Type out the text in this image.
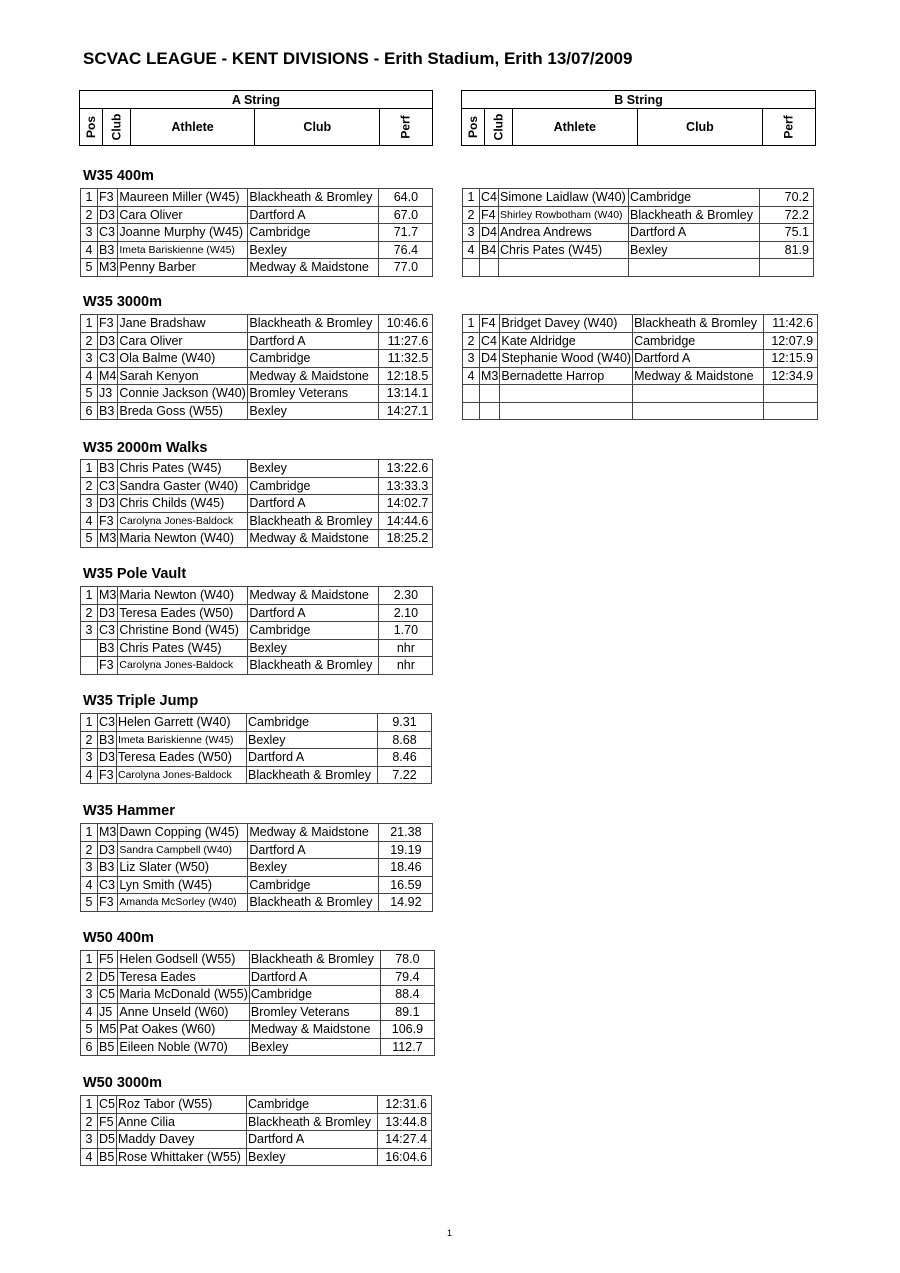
SCVAC LEAGUE - KENT DIVISIONS - Erith Stadium, Erith 13/07/2009
A String
Pos	Club	Athlete	Club	Perf
B String
Pos	Club	Athlete	Club	Perf
W35 400m
1	F3	Maureen Miller (W45)	Blackheath & Bromley	64.0
2	D3	Cara Oliver	Dartford A	67.0
3	C3	Joanne Murphy (W45)	Cambridge	71.7
4	B3	Imeta Bariskienne (W45)	Bexley	76.4
5	M3	Penny Barber	Medway & Maidstone	77.0
1	C4	Simone Laidlaw (W40)	Cambridge	70.2
2	F4	Shirley Rowbotham (W40)	Blackheath & Bromley	72.2
3	D4	Andrea Andrews	Dartford A	75.1
4	B4	Chris Pates (W45)	Bexley	81.9

W35 3000m
1	F3	Jane Bradshaw	Blackheath & Bromley	10:46.6
2	D3	Cara Oliver	Dartford A	11:27.6
3	C3	Ola Balme (W40)	Cambridge	11:32.5
4	M4	Sarah Kenyon	Medway & Maidstone	12:18.5
5	J3	Connie Jackson (W40)	Bromley Veterans	13:14.1
6	B3	Breda Goss (W55)	Bexley	14:27.1
1	F4	Bridget Davey (W40)	Blackheath & Bromley	11:42.6
2	C4	Kate Aldridge	Cambridge	12:07.9
3	D4	Stephanie Wood (W40)	Dartford A	12:15.9
4	M3	Bernadette Harrop	Medway & Maidstone	12:34.9

W35 2000m Walks
1	B3	Chris Pates (W45)	Bexley	13:22.6
2	C3	Sandra Gaster (W40)	Cambridge	13:33.3
3	D3	Chris Childs (W45)	Dartford A	14:02.7
4	F3	Carolyna Jones-Baldock	Blackheath & Bromley	14:44.6
5	M3	Maria Newton (W40)	Medway & Maidstone	18:25.2
W35 Pole Vault
1	M3	Maria Newton (W40)	Medway & Maidstone	2.30
2	D3	Teresa Eades (W50)	Dartford A	2.10
3	C3	Christine Bond (W45)	Cambridge	1.70
	B3	Chris Pates (W45)	Bexley	nhr
	F3	Carolyna Jones-Baldock	Blackheath & Bromley	nhr
W35 Triple Jump
1	C3	Helen Garrett (W40)	Cambridge	9.31
2	B3	Imeta Bariskienne (W45)	Bexley	8.68
3	D3	Teresa Eades (W50)	Dartford A	8.46
4	F3	Carolyna Jones-Baldock	Blackheath & Bromley	7.22
W35 Hammer
1	M3	Dawn Copping (W45)	Medway & Maidstone	21.38
2	D3	Sandra Campbell (W40)	Dartford A	19.19
3	B3	Liz Slater (W50)	Bexley	18.46
4	C3	Lyn Smith (W45)	Cambridge	16.59
5	F3	Amanda McSorley (W40)	Blackheath & Bromley	14.92
W50 400m
1	F5	Helen Godsell (W55)	Blackheath & Bromley	78.0
2	D5	Teresa Eades	Dartford A	79.4
3	C5	Maria McDonald (W55)	Cambridge	88.4
4	J5	Anne Unseld (W60)	Bromley Veterans	89.1
5	M5	Pat Oakes (W60)	Medway & Maidstone	106.9
6	B5	Eileen Noble (W70)	Bexley	112.7
W50 3000m
1	C5	Roz Tabor (W55)	Cambridge	12:31.6
2	F5	Anne Cilia	Blackheath & Bromley	13:44.8
3	D5	Maddy Davey	Dartford A	14:27.4
4	B5	Rose Whittaker (W55)	Bexley	16:04.6
1
